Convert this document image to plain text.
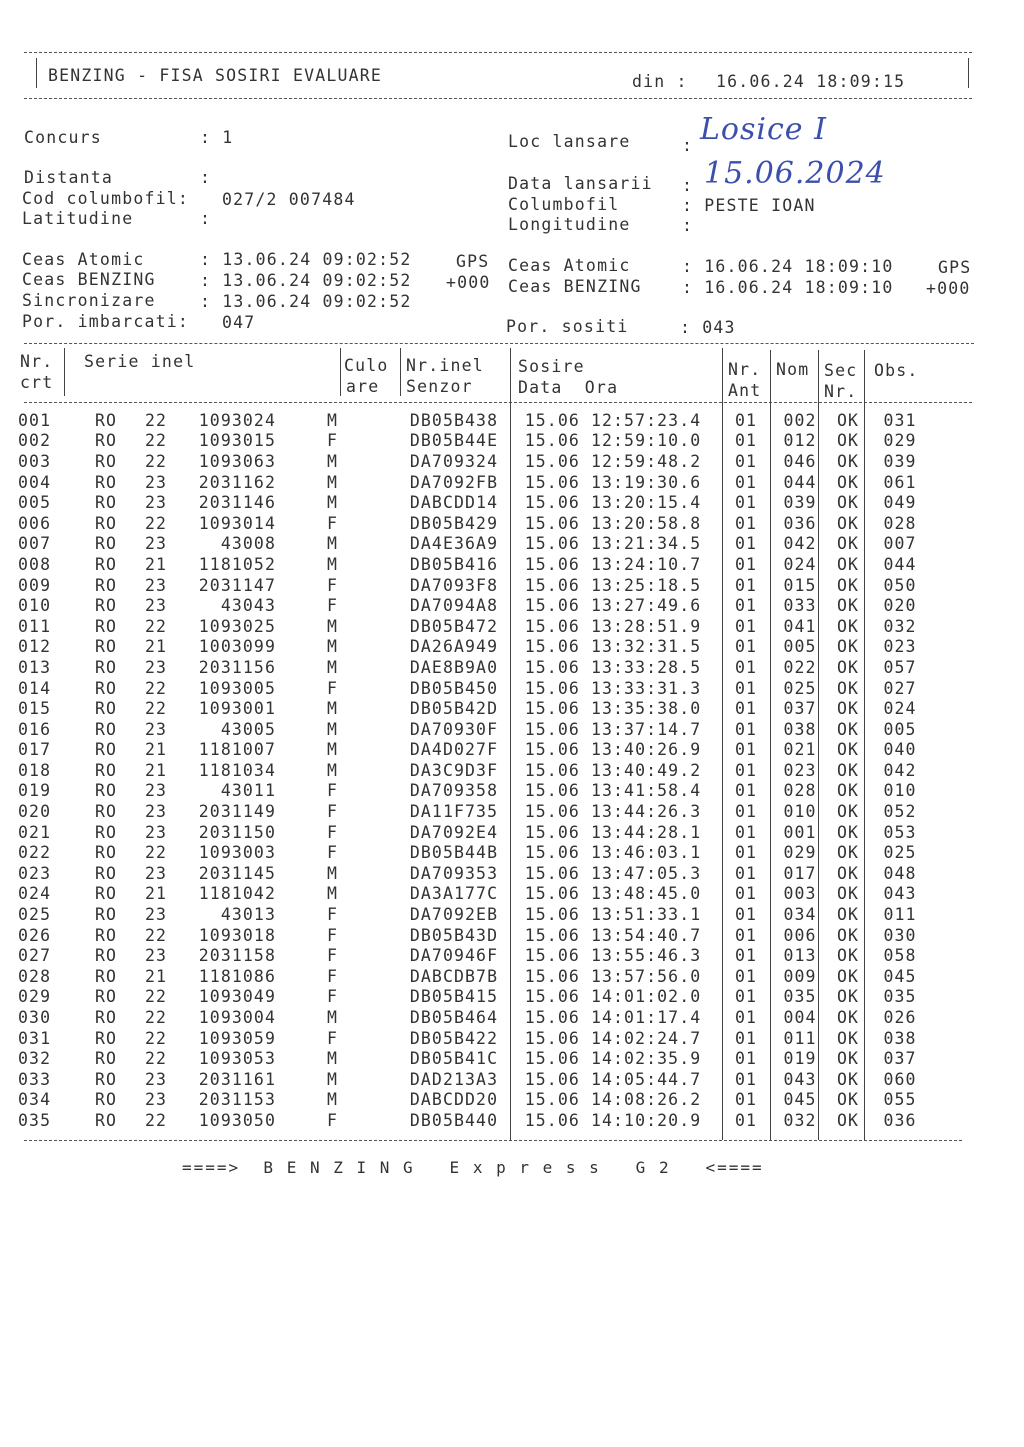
BENZING - FISA SOSIRI EVALUARE	din : 16.06.24 18:09:15
Concurs	: 1	Loc lansare	: Losice I
Distanta	:
Cod columbofil: 027/2 007484
Latitudine	:
Data lansarii : 15.06.2024
Columbofil	: PESTE IOAN
Longitudine	:
Ceas Atomic	: 13.06.24 09:02:52	GPS
Ceas BENZING	: 13.06.24 09:02:52 +000
Sincronizare	: 13.06.24 09:02:52
Ceas Atomic	: 16.06.24 18:09:10	GPS
Ceas BENZING : 16.06.24 18:09:10 +000
Por. imbarcati: 047	Por. sositi	: 043
Nr.
crt
Serie inel	Culo
are
Nr.inel
Senzor
Sosire
Data  Ora
Nr.
Ant
Nom Sec
Nr.
Obs.
001	RO	22	1093024	M		DB05B438	15.06 12:57:23.4	01	002	OK	031
002	RO	22	1093015	F		DB05B44E	15.06 12:59:10.0	01	012	OK	029
003	RO	22	1093063	M		DA709324	15.06 12:59:48.2	01	046	OK	039
004	RO	23	2031162	M		DA7092FB	15.06 13:19:30.6	01	044	OK	061
005	RO	23	2031146	M		DABCDD14	15.06 13:20:15.4	01	039	OK	049
006	RO	22	1093014	F		DB05B429	15.06 13:20:58.8	01	036	OK	028
007	RO	23	43008	M		DA4E36A9	15.06 13:21:34.5	01	042	OK	007
008	RO	21	1181052	M		DB05B416	15.06 13:24:10.7	01	024	OK	044
009	RO	23	2031147	F		DA7093F8	15.06 13:25:18.5	01	015	OK	050
010	RO	23	43043	F		DA7094A8	15.06 13:27:49.6	01	033	OK	020
011	RO	22	1093025	M		DB05B472	15.06 13:28:51.9	01	041	OK	032
012	RO	21	1003099	M		DA26A949	15.06 13:32:31.5	01	005	OK	023
013	RO	23	2031156	M		DAE8B9A0	15.06 13:33:28.5	01	022	OK	057
014	RO	22	1093005	F		DB05B450	15.06 13:33:31.3	01	025	OK	027
015	RO	22	1093001	M		DB05B42D	15.06 13:35:38.0	01	037	OK	024
016	RO	23	43005	M		DA70930F	15.06 13:37:14.7	01	038	OK	005
017	RO	21	1181007	M		DA4D027F	15.06 13:40:26.9	01	021	OK	040
018	RO	21	1181034	M		DA3C9D3F	15.06 13:40:49.2	01	023	OK	042
019	RO	23	43011	F		DA709358	15.06 13:41:58.4	01	028	OK	010
020	RO	23	2031149	F		DA11F735	15.06 13:44:26.3	01	010	OK	052
021	RO	23	2031150	F		DA7092E4	15.06 13:44:28.1	01	001	OK	053
022	RO	22	1093003	F		DB05B44B	15.06 13:46:03.1	01	029	OK	025
023	RO	23	2031145	M		DA709353	15.06 13:47:05.3	01	017	OK	048
024	RO	21	1181042	M		DA3A177C	15.06 13:48:45.0	01	003	OK	043
025	RO	23	43013	F		DA7092EB	15.06 13:51:33.1	01	034	OK	011
026	RO	22	1093018	F		DB05B43D	15.06 13:54:40.7	01	006	OK	030
027	RO	23	2031158	F		DA70946F	15.06 13:55:46.3	01	013	OK	058
028	RO	21	1181086	F		DABCDB7B	15.06 13:57:56.0	01	009	OK	045
029	RO	22	1093049	F		DB05B415	15.06 14:01:02.0	01	035	OK	035
030	RO	22	1093004	M		DB05B464	15.06 14:01:17.4	01	004	OK	026
031	RO	22	1093059	F		DB05B422	15.06 14:02:24.7	01	011	OK	038
032	RO	22	1093053	M		DB05B41C	15.06 14:02:35.9	01	019	OK	037
033	RO	23	2031161	M		DAD213A3	15.06 14:05:44.7	01	043	OK	060
034	RO	23	2031153	M		DABCDD20	15.06 14:08:26.2	01	045	OK	055
035	RO	22	1093050	F		DB05B440	15.06 14:10:20.9	01	032	OK	036
====>  B E N Z I N G   E x p r e s s   G 2   <====
